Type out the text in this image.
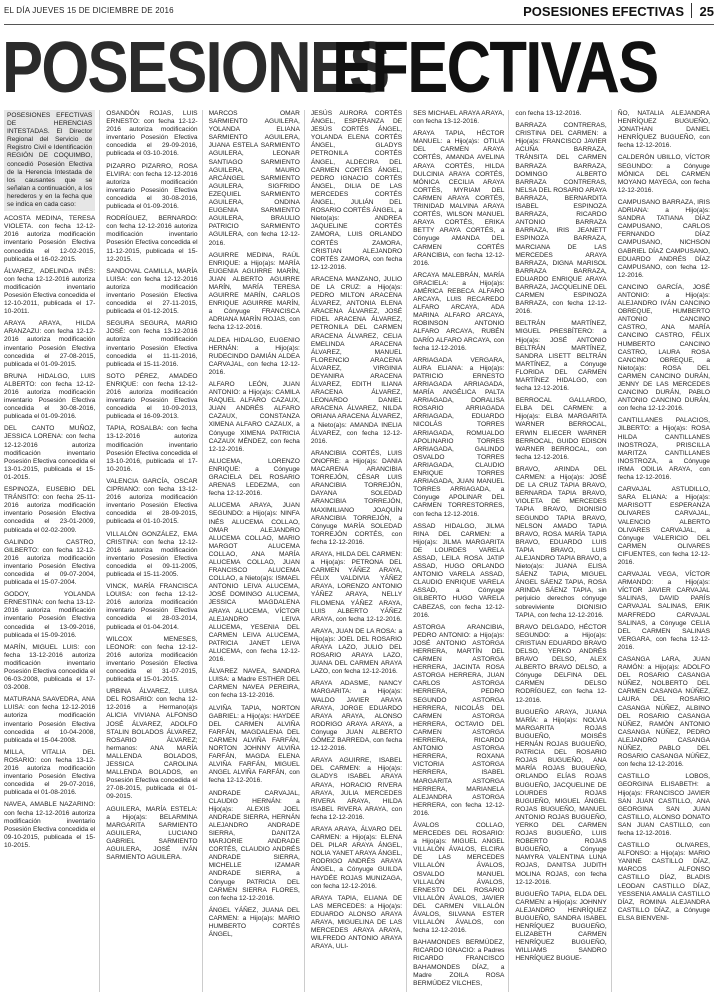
EL DÍA JUEVES 15 DE DICIEMBRE DE 2016	POSESIONES EFECTIVAS 25
POSESIONESEFECTIVAS

POSESIONES EFECTIVAS DE HERENCIAS INTESTADAS. El Director Regional del Servicio de Registro Civil e Identificación REGIÓN DE COQUIMBO, concedió Posesión Efectiva de la Herencia Intestada de los causantes que se señalan a continuación, a los herederos y en la fecha que se indica en cada caso:

ACOSTA MEDINA, TERESA VIOLETA. con fecha 12-12-2016 autoriza modificación inventario Posesión Efectiva concedida el 12-02-2015, publicada el 16-02-2015.

ÁLVAREZ, ADELINDA INÉS: con fecha 12-12-2016 autoriza modificación inventario Posesión Efectiva concedida el 12-10-2011, publicada el 17-10-2011.

ARAYA ARAYA, HILDA ARANZAZU: con fecha 12-12-2016 autoriza modificación inventario Posesión Efectiva concedida el 27-08-2015, publicada el 01-09-2015.

BRUNA HIDALGO, LUIS ALBERTO: con fecha 12-12-2016 autoriza modificación inventario Posesión Efectiva concedida el 30-08-2016, publicada el 01-09-2016.

DEL CANTO MUÑOZ, JESSICA LORENA: con fecha 12-12-2016 autoriza modificación inventario Posesión Efectiva concedida el 13-01-2015, publicada el 15-01-2015.

ESPINOZA, EUSEBIO DEL TRÁNSITO: con fecha 25-11-2016 autoriza modificación inventario Posesión Efectiva concedida el 23-01-2009, publicada el 02-02-2009.

GALINDO CASTRO, GILBERTO: con fecha 12-12-2016 autoriza modificación inventario Posesión Efectiva concedida el 09-07-2004, publicada el 15-07-2004.

GODOY, YOLANDA ERNESTINA: con fecha 13-12-2016 autoriza modificación inventario Posesión Efectiva concedida el 13-09-2016, publicada el 15-09-2016.

MARÍN, MIGUEL LUIS: con fecha 13-12-2016 autoriza modificación inventario Posesión Efectiva concedida el 06-03-2008, publicada el 17-03-2008.

MATURANA SAAVEDRA, ANA LUISA: con fecha 12-12-2016 autoriza modificación inventario Posesión Efectiva concedida el 10-04-2008, publicada el 15-04-2008.

MILLA, VITALIA DEL ROSARIO: con fecha 13-12-2016 autoriza modificación inventario Posesión Efectiva concedida el 29-07-2016, publicada el 01-08-2016.

NAVEA, AMABLE NAZARINO: con fecha 12-12-2016 autoriza modificación inventario Posesión Efectiva concedida el 09-10-2015, publicada el 15-10-2015.

OSANDÓN ROJAS, LUIS ERNESTO: con fecha 12-12-2016 autoriza modificación inventario Posesión Efectiva concedida el 29-09-2016, publicada el 03-10-2016.

PIZARRO PIZARRO, ROSA ELVIRA: con fecha 12-12-2016 autoriza modificación inventario Posesión Efectiva concedida el 30-08-2016, publicada el 01-09-2016.

RODRÍGUEZ, BERNARDO: con fecha 12-12-2016 autoriza modificación inventario Posesión Efectiva concedida el 11-12-2015, publicada el 15-12-2015.

SANDOVAL CAMILLA, MARÍA LUISA: con fecha 12-12-2016 autoriza modificación inventario Posesión Efectiva concedida el 27-11-2015, publicada el 01-12-2015.

SEGURA SEGURA, MARIO JOSÉ: con fecha 13-12-2016 autoriza modificación inventario Posesión Efectiva concedida el 11-11-2016, publicada el 15-11-2016.

SOTO PÉREZ, AMADEO ENRIQUE: con fecha 12-12-2016 autoriza modificación inventario Posesión Efectiva concedida el 10-09-2013, publicada el 16-09-2013.

TAPIA, ROSALBA: con fecha 13-12-2016 autoriza modificación inventario Posesión Efectiva concedida el 13-10-2016, publicada el 17-10-2016.

VALENCIA GARCÍA, OSCAR CIPRIANO: con fecha 13-12-2016 autoriza modificación inventario Posesión Efectiva concedida el 28-09-2015, publicada el 01-10-2015.

VILLALÓN GONZÁLEZ, EMA CRISTINA: con fecha 12-12-2016 autoriza modificación inventario Posesión Efectiva concedida el 09-11-2005, publicada el 15-11-2005.

VINCK, MARÍA FRANCISCA LOUISA: con fecha 12-12-2016 autoriza modificación inventario Posesión Efectiva concedida el 28-03-2014, publicada el 01-04-2014.

WILCOX MENESES, LEONOR: con fecha 12-12-2016 autoriza modificación inventario Posesión Efectiva concedida el 31-07-2015, publicada el 15-01-2015.

URBINA ÁLVAREZ, LUISA DEL ROSARIO: con fecha 12-12-2016 a Hermano(a)s ALICIA VIVIANA ALFONSO JOSÉ ÁLVAREZ, ADOLFO STALIN BOLADOS ÁLVAREZ, ROSARIO ÁLVAREZ; hermanos: ANA MARÍA MALLENDA BOLADOS, JESSICA CAROLINA MALLENDA BOLADOS, en Posesión Efectiva concedida el 27-08-2015, publicada el 01-09-2015.

AGUILERA, MARÍA ESTELA: a Hijo(a)s: BELARMINA MARGARITA SARMIENTO AGUILERA, LUCIANO GABRIEL SARMIENTO AGUILERA, JOSÉ IVÁN SARMIENTO AGUILERA.

MARCOS OMAR SARMIENTO AGUILERA, YOLANDA ELIANA SARMIENTO AGUILERA, JUANA ESTELA SARMIENTO AGUILERA, LEONAR SANTIAGO SARMIENTO AGUILERA, MAURO ARCÁNGEL SARMIENTO AGUILERA, SIGFRIDO EZEQUIEL SARMIENTO AGUILERA, ONDINA EUGENIA SARMIENTO AGUILERA, BRAULIO PATRICIO SARMIENTO AGUILERA, con fecha 12-12-2016.

AGUIRRE MEDINA, RAÚL ENRIQUE: a Hijo(a)s: MARÍA EUGENIA AGUIRRE MARÍN, JUAN ALBERTO AGUIRRE MARÍN, MARÍA TERESA AGUIRRE MARÍN, CARLOS ENRIQUE AGUIRRE MARÍN, a Cónyuge FRANCISCA ADRIANA MARÍN ROJAS, con fecha 12-12-2016.

ALDEA HIDALGO, EUGENIO HERNÁN: a Hijo(a)s: RUDECINDO DAMIÁN ALDEA CARVAJAL, con fecha 12-12-2016.

ALFARO LEÓN, JUAN ANTONIO: a Hijo(a)s: CAMILA RAQUEL ALFARO CAZAUX, JUAN ANDRÉS ALFARO CAZAUX, CONSTANZA XIMENA ALFARO CAZAUX, a Cónyuge XIMENA PATRICIA CAZAUX MÉNDEZ, con fecha 12-12-2016.

ALUCEMA, LORENZO ENRIQUE: a Cónyuge GRACIELA DEL ROSARIO ARENAS LEDEZMA, con fecha 12-12-2016.

ALUCEMA ARAYA, JUAN SEGUNDO: a Hijo(a)s: NINFA INÉS ALUCEMA COLLAO, OMAR ALEJANDRO ALUCEMA COLLAO, MARIO MARGOT ALUCEMA COLLAO, ANA MARÍA ALUCEMA COLLAO, JUAN FRANCISCO ALUCEMA COLLAO, a Nieto(a)s: ISMAEL ANTONIO LEIVA ALUCEMA, JOSÉ DOMINGO ALUCEMA, JESSICA MAGDALENA ARAYA ALUCEMA, VÍCTOR ALEJANDRO LEIVA ALUCEMA, YESENIA DEL CARMEN LEIVA ALUCEMA, PATRICIA JANET LEIVA ALUCEMA, con fecha 12-12-2016.

ÁLVAREZ NAVEA, SANDRA LUISA: a Madre ESTHER DEL CARMEN NAVEA PEREIRA, con fecha 13-12-2016.

ALVIÑA TAPIA, NORTON GABRIEL: a Hijo(a)s: HAYDEE DEL CARMEN ALVIÑA FARFÁN, MAGDALENA DEL CARMEN ALVIÑA FARFÁN, NORTON JOHNNY ALVIÑA FARFÁN, MAGDA ELENA ALVIÑA FARFÁN, MIGUEL ANGEL ALVIÑA FARFÁN, con fecha 12-12-2016.

ANDRADE CARVAJAL, CLAUDIO HERNÁN: a Hijo(a)s: ALEXIS JOEL ANDRADE SIERRA, HERNÁN ALEJANDRO ANDRADE SIERRA, DANITZA MARJORIE ANDRADE CORTÉS, CLAUDIO ANDRÉS ANDRADE SIERRA, MICHELLE IZAMAR ANDRADE SIERRA, a Cónyuge PATRICIA DEL CARMEN SIERRA FLORES, con fecha 12-12-2016.

ÁNGEL YÁÑEZ, JUANA DEL CARMEN: a Hijo(a)s: MARIO HUMBERTO CORTÉS ÁNGEL,

JESÚS AURORA CORTÉS ÁNGEL, ESPERANZA DE JESÚS CORTÉS ÁNGEL, YOLANDA ELENA CORTÉS ÁNGEL, GLADYS PETRONILA CORTÉS ÁNGEL, ALDECIRA DEL CARMEN CORTÉS ÁNGEL, PEDRO IGNACIO CORTÉS ÁNGEL, DILIA DE LAS MERCEDES CORTÉS ÁNGEL, JULIÁN DEL ROSARIO CORTÉS ÁNGEL, a Nieto(a)s: ANDREA JAQUELINE CORTÉS ZAMORA, LUIS ORLANDO CORTÉS ZAMORA, CRISTIAN ALEJANDRO CORTÉS ZAMORA, con fecha 12-12-2016.

ARACENA MANZANO, JULIO DE LA CRUZ: a Hijo(a)s: PEDRO MILTON ARACENA ÁLVAREZ, ANTONIA ELENA ARACENA ÁLVAREZ, JOSÉ FIDEL ARACENA ÁLVAREZ, PETRONILA DEL CARMEN ARACENA ÁLVAREZ, CELIA EMELINDA ARACENA ÁLVAREZ, MANUEL FLORENCIO ARACENA ÁLVAREZ, VIRGINIA DEYANIRA ARACENA ÁLVAREZ, EDITH ILIANA ARACENA ÁLVAREZ, LEONARDO DANIEL ARACENA ÁLVAREZ, NILDA ORIANA ARACENA ÁLVAREZ, a Nieto(a)s: AMANDA INELIA ÁLVAREZ, con fecha 12-12-2016.

ARANCIBIA CORTÉS, LUIS ONOFRE: a Hijo(a)s: DANIA MACARENA ARANCIBIA TORREJÓN, CÉSAR LUIS ARANCIBIA TORREJÓN, DAYANA SOLEDAD ARANCIBIA TORREJÓN, MAXIMILIANO JOAQUÍN ARANCIBIA TORREJÓN, a Cónyuge MARÍA SOLEDAD TORREJÓN CORTÉS, con fecha 12-12-2016.

ARAYA, HILDA DEL CARMEN: a Hijo(a)s: PETRONA DEL CARMEN YÁÑEZ ARAYA, FÉLIX VALDIVIA YÁÑEZ ARAYA, LORENZO ANTONIO YÁÑEZ ARAYA, NELLY FILOMENA YÁÑEZ ARAYA, LUIS ALBERTO YÁÑEZ ARAYA, con fecha 12-12-2016.

ARAYA, JUAN DE LA ROSA: a Hijo(a)s: JOEL DEL ROSARIO ARAYA LAZO, JULIO DEL ROSARIO ARAYA LAZO, JUANA DEL CARMEN ARAYA LAZO, con fecha 12-12-2016.

ARAYA ADASME, NANCY MARGARITA: a Hijo(a)s: WALDO JAVIER ARAYA ARAYA, JORGE EDUARDO ARAYA ARAYA, ALONSO RODRIGO ARAYA ARAYA, a Cónyuge JUAN ALBERTO GÓMEZ BARREDA, con fecha 12-12-2016.

ARAYA AGUIRRE, ISABEL DEL CARMEN: a Hijo(a)s: GLADYS ISABEL ARAYA ARAYA, HORACIO RIVERA ARAYA, JULIA MERCEDES RIVERA ARAYA, HILDA ISABEL RIVERA ARAYA, con fecha 12-12-2016.

ARAYA ARAYA, ÁLVARO DEL CARMEN: a Hijo(a)s: ELENA DEL PILAR ARAYA ÁNGEL, NOLIA YANET ARAYA ÁNGEL, RODRIGO ANDRÉS ARAYA ÁNGEL, a Cónyuge GUILDA HAYDÉE ROJAS MUNIZAGA, con fecha 12-12-2016.

ARAYA TAPIA, ELIANA DE LAS MERCEDES: a Hijo(a)s: EDUARDO ALONSO ARAYA ARAYA, MIGUELINA DE LAS MERCEDES ARAYA ARAYA, WILFREDO ANTONIO ARAYA ARAYA, ULI-

SES MICHAEL ARAYA ARAYA, con fecha 13-12-2016.

ARAYA TAPIA, HÉCTOR MANUEL: a Hijo(a)s: OTILIA DEL CARMEN ARAYA CORTÉS, AMANDA AVELINA ARAYA CORTÉS, HILDA DULCINIA ARAYA CORTÉS, MÓNICA CECILIA ARAYA CORTÉS, MYRIAM DEL CARMEN ARAYA CORTÉS, TRINIDAD MALVINA ARAYA CORTÉS, WILSON MANUEL ARAYA CORTÉS, ERIKA BETTY ARAYA CORTÉS, a Cónyuge AMANDA DEL CARMEN CORTÉS ARANCIBIA, con fecha 12-12-2016.

ARCAYA MALEBRÁN, MARÍA GRACIELA: a Hijo(a)s: AMÉRICA REBECA ALFARO ARCAYA, LUIS RECAREDO ALFARO ARCAYA, ADA MARINA ALFARO ARCAYA, ROBINSON ANTONIO ALFARO ARCAYA, RUBÉN DARÍO ALFARO ARCAYA, con fecha 12-12-2016.

ARRIAGADA VERGARA, AURA ELIANA: a Hijo(a)s: PATRICIO ERNESTO ARRIAGADA ARRIAGADA, MARÍA ANGÉLICA PALTA ARRIAGADA, DORALISA ROSARIO ARRIAGADA ARRIAGADA, EDUARDO NICOLÁS TORRES ARRIAGADA, ROMUALDO APOLINARIO TORRES ARRIAGADA, GALINDO OSVALDO TORRES ARRIAGADA, CLAUDIO ENRIQUE TORRES ARRIAGADA, JUAN MANUEL TORRES ARRIAGADA, a Cónyuge APOLINAR DEL CARMEN TORRESTORRES, con fecha 12-12-2016.

ASSAD HIDALGO, JILMA RINA DEL CARMEN: a Hijo(a)s: JILMA MARGARITA DE LOURDES VARELA ASSAD, LEILA ROSA JATIP ASSAD, HUGO ORLANDO ANTONIO VARELA ASSAD, CLAUDIO ENRIQUE VARELA ASSAD, a Cónyuge GILBERTO HUGO VARELA CABEZAS, con fecha 12-12-2016.

ASTORGA ARANCIBIA, PEDRO ANTONIO: a Hijo(a)s: JOSÉ ANTONIO ASTORGA HERRERA, MARTÍN DEL CARMEN ASTORGA HERRERA, JACINTA ROSA ASTORGA HERRERA, JUAN CARLOS ASTORGA HERRERA, PEDRO SEGUNDO ASTORGA HERRERA, NICOLÁS DEL CARMEN ASTORGA HERRERA, OCTAVIO DEL CARMEN ASTORGA HERRERA, RICARDO ANTONIO ASTORGA HERRERA, ROXANA VICTORIA ASTORGA HERRERA, ISABEL MARGARITA ASTORGA HERRERA, MARIANELA ALEJANDRA ASTORGA HERRERA, con fecha 12-12-2016.

ÁVALOS COLLAO, MERCEDES DEL ROSARIO: a Hijo(a)s: MIGUEL ANGEL VILLALÓN ÁVALOS, ELCIRA DE LAS MERCEDES VILLALÓN ÁVALOS, OSVALDO MANUEL VILLALÓN ÁVALOS, ERNESTO DEL ROSARIO VILLALÓN ÁVALOS, JAVIER DEL CARMEN VILLALÓN ÁVALOS, SILVANA ESTER VILLALÓN ÁVALOS, con fecha 12-12-2016.

BAHAMONDES BERMÚDEZ, RICARDO IGNACIO: a Padres RICARDO FRANCISCO BAHAMONDES DÍAZ, a Madre ZOILA ROSA BERMÚDEZ VILCHES,

con fecha 13-12-2016.

BARRAZA CONTRERAS, CRISTINA DEL CARMEN: a Hijo(a)s: FRANCISCO JAVIER ACUÑA BARRAZA, TRÁNSITA DEL CARMEN BARRAZA BARRAZA, DOMINGO ALBERTO BARRAZA CONTRERAS, NELSA DEL ROSARIO ARAYA BARRAZA, BERNARDITA ISABEL ESPINOZA BARRAZA, RICARDO ANTONIO BARRAZA BARRAZA, IRIS JEANETT ESPINOZA BARRAZA, MARCIANA DE LAS MERCEDES ARAYA BARRAZA, DIGNA MARISOL BARRAZA BARRAZA, EDUARDO ENRIQUE ARAYA BARRAZA, JACQUELINE DEL CARMEN ESPINOZA BARRAZA, con fecha 12-12-2016.

BELTRÁN MARTÍNEZ, MIGUEL PRESBÍTERO: a Hijo(a)s: JOSÉ ANTONIO BELTRÁN MARTÍNEZ, SANDRA LISETT BELTRÁN MARTÍNEZ, a Cónyuge FLORIDA DEL CARMEN MARTÍNEZ HIDALGO, con fecha 12-12-2016.

BERROCAL GALLARDO, ELBA DEL CARMEN: a Hijo(a)s: ELBA MARGARITA WARNER BERROCAL, ERWIN ELIECER WARNER BERROCAL, GUIDO EDISON WARNER BERROCAL, con fecha 12-12-2016.

BRAVO, ARINDA DEL CARMEN: a Hijo(a)s: JOSÉ DE LA CRUZ TAPIA BRAVO, BERNARDA TAPIA BRAVO, VIOLETA DE MERCEDES TAPIA BRAVO, DIONISIO SEGUNDO TAPIA BRAVO, NELSON AMADO TAPIA BRAVO, ROSA MARÍA TAPIA BRAVO, EDUARDO LUIS TAPIA BRAVO, LUIS ALEJANDRO TAPIA BRAVO, a Nieto(a)s: JUANA ELISA SÁENZ TAPIA, MIGUEL ÁNGEL SÁENZ TAPIA, ROSA ARINDA SÁENZ TAPIA, sin perjuicio derechos cónyuge sobreviviente DIONISIO TAPIA, con fecha 12-12-2016.

BRAVO DELGADO, HÉCTOR SEGUNDO: a Hijo(a)s: CRISTIAN EDUARDO BRAVO DELSO, YERKO ANDRÉS BRAVO DELSO, ALEX ALBERTO BRAVO DELSO, a Cónyuge DELFINA DEL CARMEN DELSO RODRÍGUEZ, con fecha 12-12-2016.

BUGUEÑO ARAYA, JUANA MARÍA: a Hijo(a)s: NOLVIA MARGARITA ROJAS BUGUEÑO, MOISÉS HERNÁN ROJAS BUGUEÑO, PATRICIA DEL ROSARIO ROJAS BUGUEÑO, ANA MARÍA ROJAS BUGUEÑO, ORLANDO ELÍAS ROJAS BUGUEÑO, JACQUELINE DE LOURDES ROJAS BUGUEÑO, MIGUEL ÁNGEL ROJAS BUGUEÑO, MANUEL ANTONIO ROJAS BUGUEÑO, YERKO DEL CARMEN ROJAS BUGUEÑO, LUIS ROBERTO ROJAS BUGUEÑO, a Cónyuge NAMYRA VALENTINA LUNA ROJAS, DANITSA JUDITH MOLINA ROJAS, con fecha 12-12-2016.

BUGUEÑO TAPIA, ELDA DEL CARMEN: a Hijo(a)s: JOHNNY ALEJANDRO HENRÍQUEZ BUGUEÑO, SANDRA ISABEL HENRÍQUEZ BUGUEÑO, ELIZABETH CARMEN HENRÍQUEZ BUGUEÑO, WILLIAMS SANDRO HENRÍQUEZ BUGUE-

ÑO, NATALIA ALEJANDRA HENRÍQUEZ BUGUEÑO, JONATHAN DANIEL HENRÍQUEZ BUGUEÑO, con fecha 12-12-2016.

CALDERÓN UBILLO, VÍCTOR SEGUNDO: a Cónyuge MÓNICA DEL CARMEN MOYANO MAYEGA, con fecha 12-12-2016.

CAMPUSANO BARRAZA, IRIS ADRIANA: a Hijo(a)s: SANDRA TATIANA DÍAZ CAMPUSANO, CARLOS FERNANDO DÍAZ CAMPUSANO, NICHSON GABRIEL DÍAZ CAMPUSANO, EDUARDO ANDRÉS DÍAZ CAMPUSANO, con fecha 12-12-2016.

CANCINO GARCÍA, JOSÉ ANTONIO: a Hijo(a)s: ALEJANDRO IVÁN CANCINO OBREQUE, HUMBERTO ANTONIO CANCINO CASTRO, ANA MARÍA CANCINO CASTRO, FÉLIX HUMBERTO CANCINO CASTRO, LAURA ROSA CANCINO OBREQUE, a Nieto(a)s: ROSA DEL CARMEN CANCINO DURÁN, JENNY DE LAS MERCEDES CANCINO DURÁN, PABLO ANTONIO CANCINO DURÁN, con fecha 12-12-2016.

CANTILLANES PALACIOS, JILBERTO: a Hijo(a)s: ROSA HILDA CANTILLANES INOSTROZA, PRISCILLA MARITZA CANTILLANES INOSTROZA, a Cónyuge IRMA ODILIA ARAYA, con fecha 12-12-2016.

CARVAJAL ASTUDILLO, SARA ELIANA: a Hijo(a)s: MARISOTT ESPERANZA OLIVARES CARVAJAL, VALENCIO ALBERTO OLIVARES CARVAJAL, a Cónyuge VALERICIO DEL CARMEN OLIVARES CIFUENTES, con fecha 12-12-2016.

CARVAJAL VEGA, VÍCTOR ARMANDO: a Hijo(a)s: VÍCTOR JAVIER CARVAJAL SALINAS, DAVID PARÍS CARVAJAL SALINAS, ERIK MARFREDO CARVAJAL SALINAS, a Cónyuge CELIA DEL CARMEN SALINAS VERGARA, con fecha 12-12-2016.

CASANGA LARA, JUAN RAMÓN: a Hijo(a)s: ADOLFO DEL ROSARIO CASANGA NÚÑEZ, NOLBERTO DEL CARMEN CASANGA NÚÑEZ, LAURA DEL ROSARIO CASANGA NÚÑEZ, ALBINO DEL ROSARIO CASANGA NÚÑEZ, RAMÓN ANTONIO CASANGA NÚÑEZ, PEDRO ALEJANDRO CASANGA NÚÑEZ, PABLO DEL ROSARIO CASANGA NÚÑEZ, con fecha 12-12-2016.

CASTILLO LOBOS, GEORGINA ELISABETH: a Hijo(a)s: FRANCISCO JAVIER SAN JUAN CASTILLO, ANA GEORGINA SAN JUAN CASTILLO, ALONSO DONATO SAN JUAN CASTILLO, con fecha 12-12-2016.

CASTILLO OLIVARES, ALFONSO: a Hijo(a)s: MARIO YANINE CASTILLO DÍAZ, MARCOS ALFONSO CASTILLO DÍAZ, BLADIS LEODAN CASTILLO DÍAZ, YESSENIA AMALIA CASTILLO DÍAZ, ROMINA ALEJANDRA CASTILLO DÍAZ, a Cónyuge ELSA BIENVENI-
